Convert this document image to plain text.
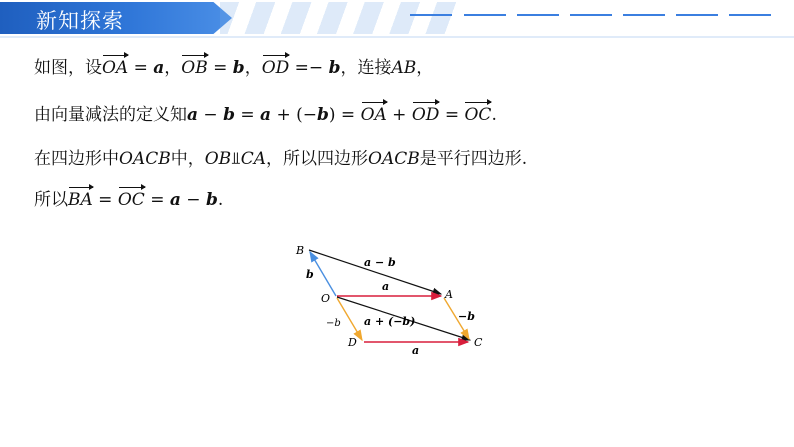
新知探索
如图，设OA = a，OB = b，OD =− b，连接AB，
由向量减法的定义知a − b = a + (−b) = OA + OD = OC.
在四边形中OACB中，OB⫫CA，所以四边形OACB是平行四边形.
所以BA = OC = a − b.
B
O
D
A
C
b
a − b
a
a + (−b)
−b
−b
a
